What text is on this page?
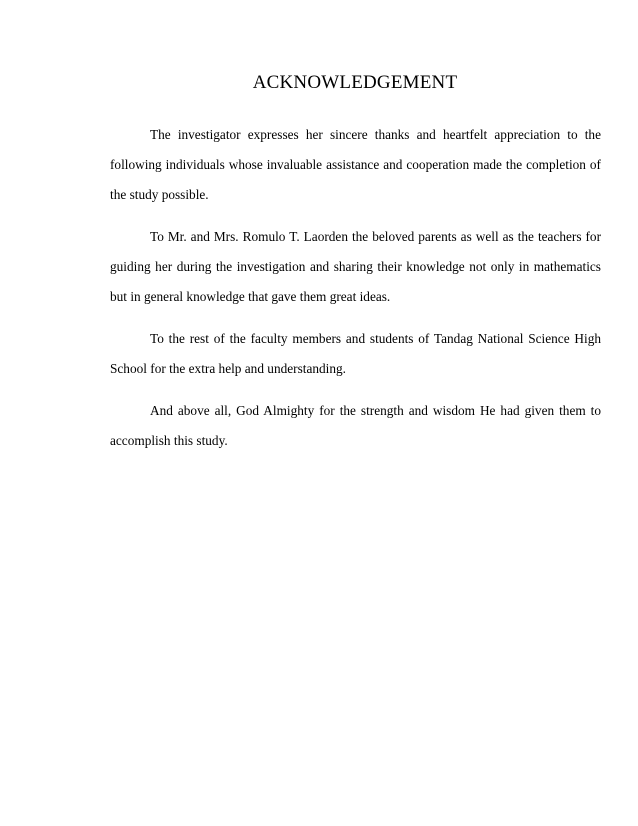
ACKNOWLEDGEMENT

The investigator expresses her sincere thanks and heartfelt appreciation to the following individuals whose invaluable assistance and cooperation made the completion of the study possible.

To Mr. and Mrs. Romulo T. Laorden the beloved parents as well as the teachers for guiding her during the investigation and sharing their knowledge not only in mathematics but in general knowledge that gave them great ideas.

To the rest of the faculty members and students of Tandag National Science High School for the extra help and understanding.

And above all, God Almighty for the strength and wisdom He had given them to accomplish this study.
